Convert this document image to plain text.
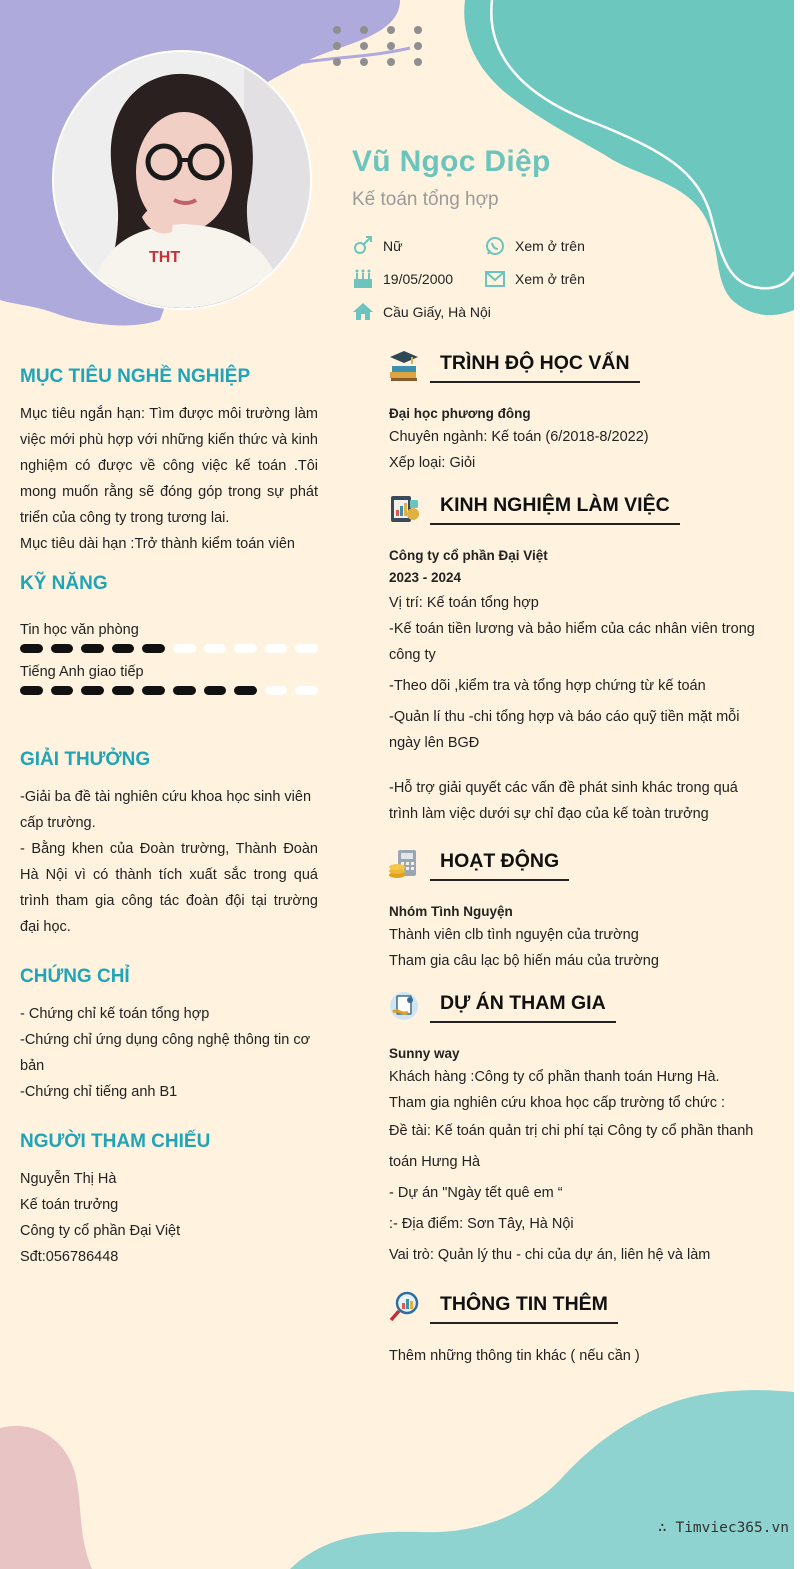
THT
Vũ Ngọc Diệp
Kế toán tổng hợp
Nữ	Xem ở trên
19/05/2000	Xem ở trên
Cầu Giấy, Hà Nội
MỤC TIÊU NGHỀ NGHIỆP

Mục tiêu ngắn hạn: Tìm được môi trường làm việc mới phù hợp với những kiến thức và kinh nghiệm có được về công việc kế toán .Tôi mong muốn rằng sẽ đóng góp trong sự phát triển của công ty trong tương lai.

Mục tiêu dài hạn :Trở thành kiểm toán viên

KỸ NĂNG
Tin học văn phòng
Tiếng Anh giao tiếp
GIẢI THƯỞNG

-Giải ba đề tài nghiên cứu khoa học sinh viên cấp trường.

- Bằng khen của Đoàn trường, Thành Đoàn Hà Nội vì có thành tích xuất sắc trong quá trình tham gia công tác đoàn đội tại trường đại học.

CHỨNG CHỈ

- Chứng chỉ kế toán tổng hợp

-Chứng chỉ ứng dụng công nghệ thông tin cơ bản

-Chứng chỉ tiếng anh B1

NGƯỜI THAM CHIẾU

Nguyễn Thị Hà

Kế toán trưởng

Công ty cổ phần Đại Việt

Sđt:056786448

TRÌNH ĐỘ HỌC VẤN
Đại học phương đông
Chuyên ngành: Kế toán (6/2018-8/2022)
Xếp loại: Giỏi
KINH NGHIỆM LÀM VIỆC
Công ty cổ phần Đại Việt
2023 - 2024
Vị trí: Kế toán tổng hợp
-Kế toán tiền lương và bảo hiểm của các nhân viên trong công ty
-Theo dõi ,kiểm tra và tổng hợp chứng từ kế toán
-Quản lí thu -chi tổng hợp và báo cáo quỹ tiền mặt mỗi ngày lên BGĐ
-Hỗ trợ giải quyết các vấn đề phát sinh khác trong quá trình làm việc dưới sự chỉ đạo của kế toàn trưởng
HOẠT ĐỘNG
Nhóm Tình Nguyện
Thành viên clb tình nguyện của trường
Tham gia câu lạc bộ hiến máu của trường
DỰ ÁN THAM GIA
Sunny way
Khách hàng :Công ty cổ phần thanh toán Hưng Hà.
Tham gia nghiên cứu khoa học cấp trường tổ chức :
Đề tài: Kế toán quản trị chi phí tại Công ty cổ phần thanh toán Hưng Hà
- Dự án "Ngày tết quê em “
:- Địa điểm: Sơn Tây, Hà Nội
Vai trò: Quản lý thu - chi của dự án, liên hệ và làm
THÔNG TIN THÊM
Thêm những thông tin khác ( nếu cần )
∴ Timviec365.vn
